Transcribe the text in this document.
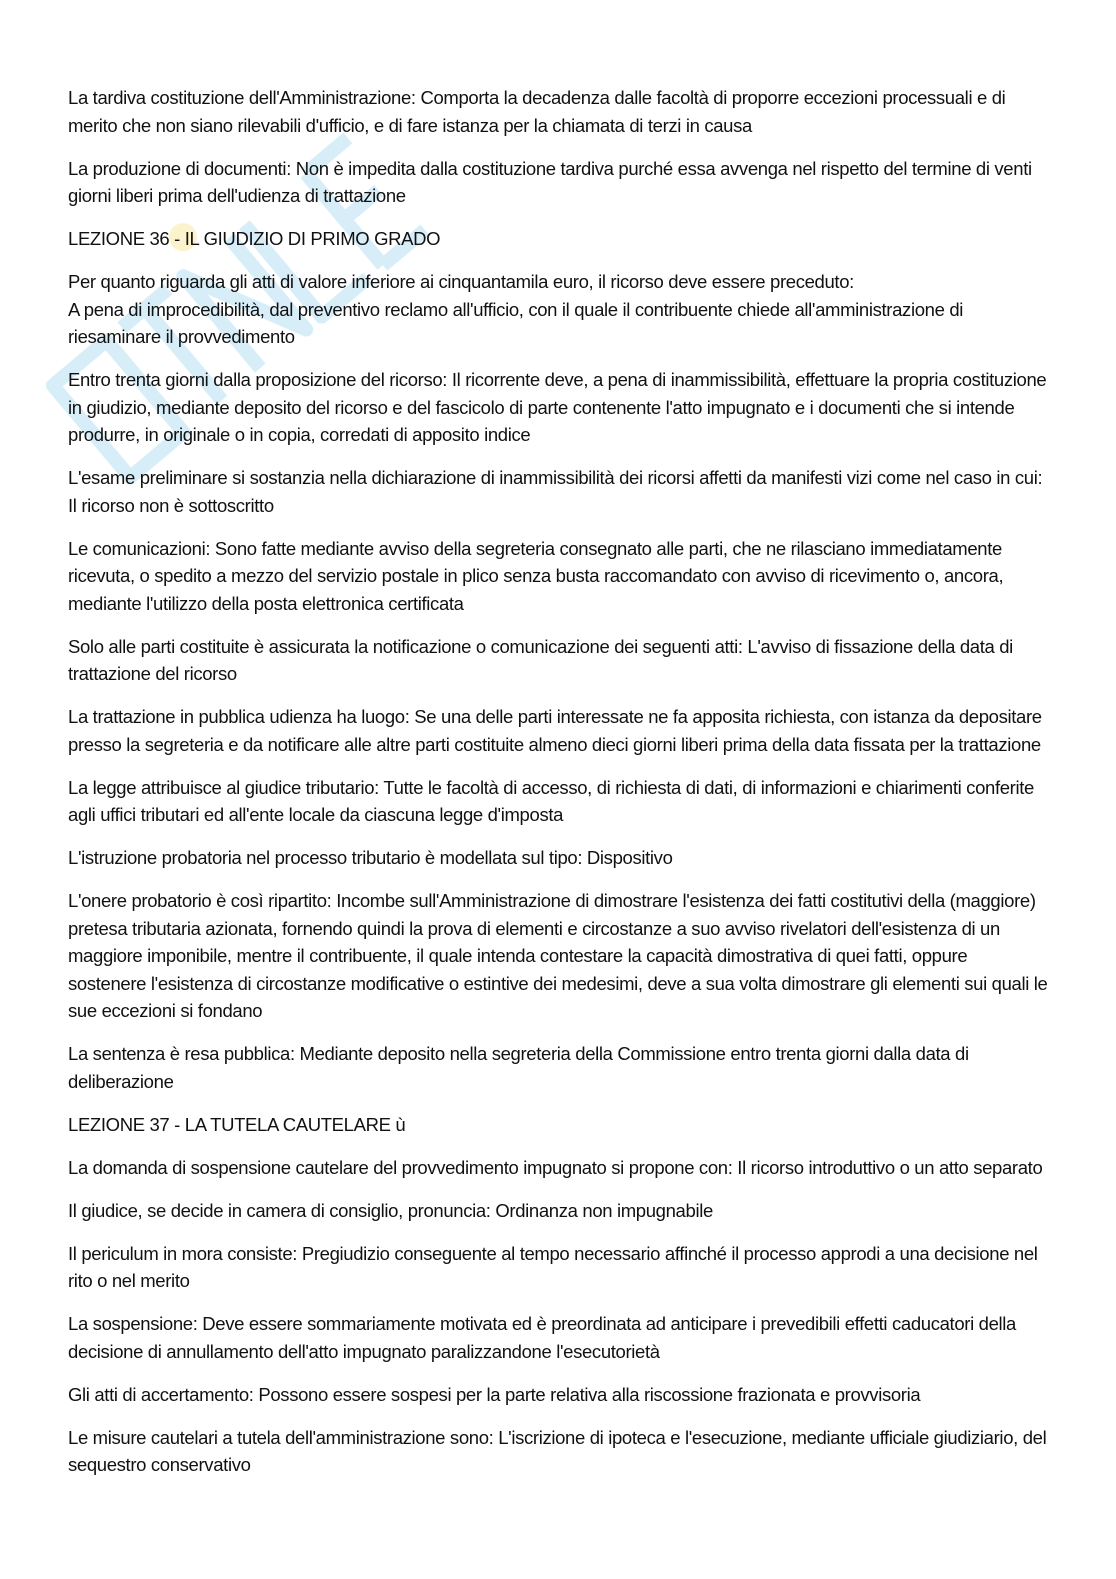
La tardiva costituzione dell'Amministrazione: Comporta la decadenza dalle facoltà di proporre eccezioni processuali e di merito che non siano rilevabili d'ufficio, e di fare istanza per la chiamata di terzi in causa

La produzione di documenti: Non è impedita dalla costituzione tardiva purché essa avvenga nel rispetto del termine di venti giorni liberi prima dell'udienza di trattazione

LEZIONE 36 - IL GIUDIZIO DI PRIMO GRADO

Per quanto riguarda gli atti di valore inferiore ai cinquantamila euro, il ricorso deve essere preceduto:
A pena di improcedibilità, dal preventivo reclamo all'ufficio, con il quale il contribuente chiede all'amministrazione di riesaminare il provvedimento

Entro trenta giorni dalla proposizione del ricorso: Il ricorrente deve, a pena di inammissibilità, effettuare la propria costituzione in giudizio, mediante deposito del ricorso e del fascicolo di parte contenente l'atto impugnato e i documenti che si intende produrre, in originale o in copia, corredati di apposito indice

L'esame preliminare si sostanzia nella dichiarazione di inammissibilità dei ricorsi affetti da manifesti vizi come nel caso in cui: Il ricorso non è sottoscritto

Le comunicazioni: Sono fatte mediante avviso della segreteria consegnato alle parti, che ne rilasciano immediatamente ricevuta, o spedito a mezzo del servizio postale in plico senza busta raccomandato con avviso di ricevimento o, ancora, mediante l'utilizzo della posta elettronica certificata

Solo alle parti costituite è assicurata la notificazione o comunicazione dei seguenti atti: L'avviso di fissazione della data di trattazione del ricorso

La trattazione in pubblica udienza ha luogo: Se una delle parti interessate ne fa apposita richiesta, con istanza da depositare presso la segreteria e da notificare alle altre parti costituite almeno dieci giorni liberi prima della data fissata per la trattazione

La legge attribuisce al giudice tributario: Tutte le facoltà di accesso, di richiesta di dati, di informazioni e chiarimenti conferite agli uffici tributari ed all'ente locale da ciascuna legge d'imposta

L'istruzione probatoria nel processo tributario è modellata sul tipo: Dispositivo

L'onere probatorio è così ripartito: Incombe sull'Amministrazione di dimostrare l'esistenza dei fatti costitutivi della (maggiore) pretesa tributaria azionata, fornendo quindi la prova di elementi e circostanze a suo avviso rivelatori dell'esistenza di un maggiore imponibile, mentre il contribuente, il quale intenda contestare la capacità dimostrativa di quei fatti, oppure sostenere l'esistenza di circostanze modificative o estintive dei medesimi, deve a sua volta dimostrare gli elementi sui quali le sue eccezioni si fondano

La sentenza è resa pubblica: Mediante deposito nella segreteria della Commissione entro trenta giorni dalla data di deliberazione

LEZIONE 37 - LA TUTELA CAUTELARE ù

La domanda di sospensione cautelare del provvedimento impugnato si propone con: Il ricorso introduttivo o un atto separato

Il giudice, se decide in camera di consiglio, pronuncia: Ordinanza non impugnabile

Il periculum in mora consiste: Pregiudizio conseguente al tempo necessario affinché il processo approdi a una decisione nel rito o nel merito

La sospensione: Deve essere sommariamente motivata ed è preordinata ad anticipare i prevedibili effetti caducatori della decisione di annullamento dell'atto impugnato paralizzandone l'esecutorietà

Gli atti di accertamento: Possono essere sospesi per la parte relativa alla riscossione frazionata e provvisoria

Le misure cautelari a tutela dell'amministrazione sono: L'iscrizione di ipoteca e l'esecuzione, mediante ufficiale giudiziario, del sequestro conservativo
